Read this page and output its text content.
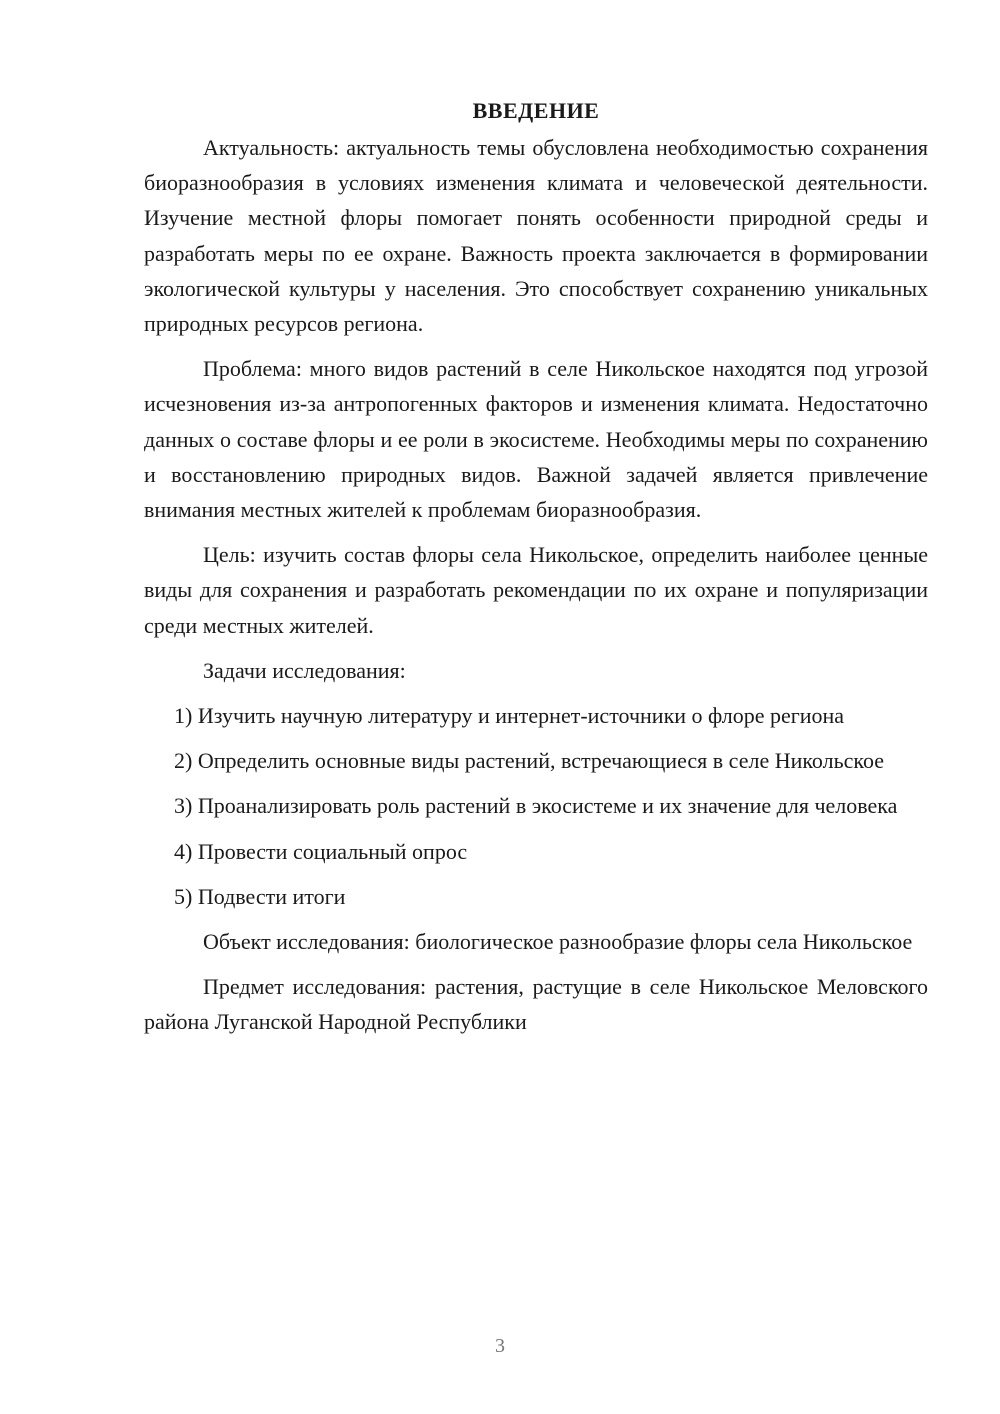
ВВЕДЕНИЕ

Актуальность: актуальность темы обусловлена необходимостью сохранения биоразнообразия в условиях изменения климата и человеческой деятельности. Изучение местной флоры помогает понять особенности природной среды и разработать меры по ее охране. Важность проекта заключается в формировании экологической культуры у населения. Это способствует сохранению уникальных природных ресурсов региона.

Проблема: много видов растений в селе Никольское находятся под угрозой исчезновения из-за антропогенных факторов и изменения климата. Недостаточно данных о составе флоры и ее роли в экосистеме. Необходимы меры по сохранению и восстановлению природных видов. Важной задачей является привлечение внимания местных жителей к проблемам биоразнообразия.

Цель: изучить состав флоры села Никольское, определить наиболее ценные виды для сохранения и разработать рекомендации по их охране и популяризации среди местных жителей.

Задачи исследования:

1) Изучить научную литературу и интернет-источники о флоре региона

2) Определить основные виды растений, встречающиеся в селе Никольское

3) Проанализировать роль растений в экосистеме и их значение для человека

4) Провести социальный опрос

5) Подвести итоги

Объект исследования: биологическое разнообразие флоры села Никольское

Предмет исследования: растения, растущие в селе Никольское Меловского района Луганской Народной Республики

3
